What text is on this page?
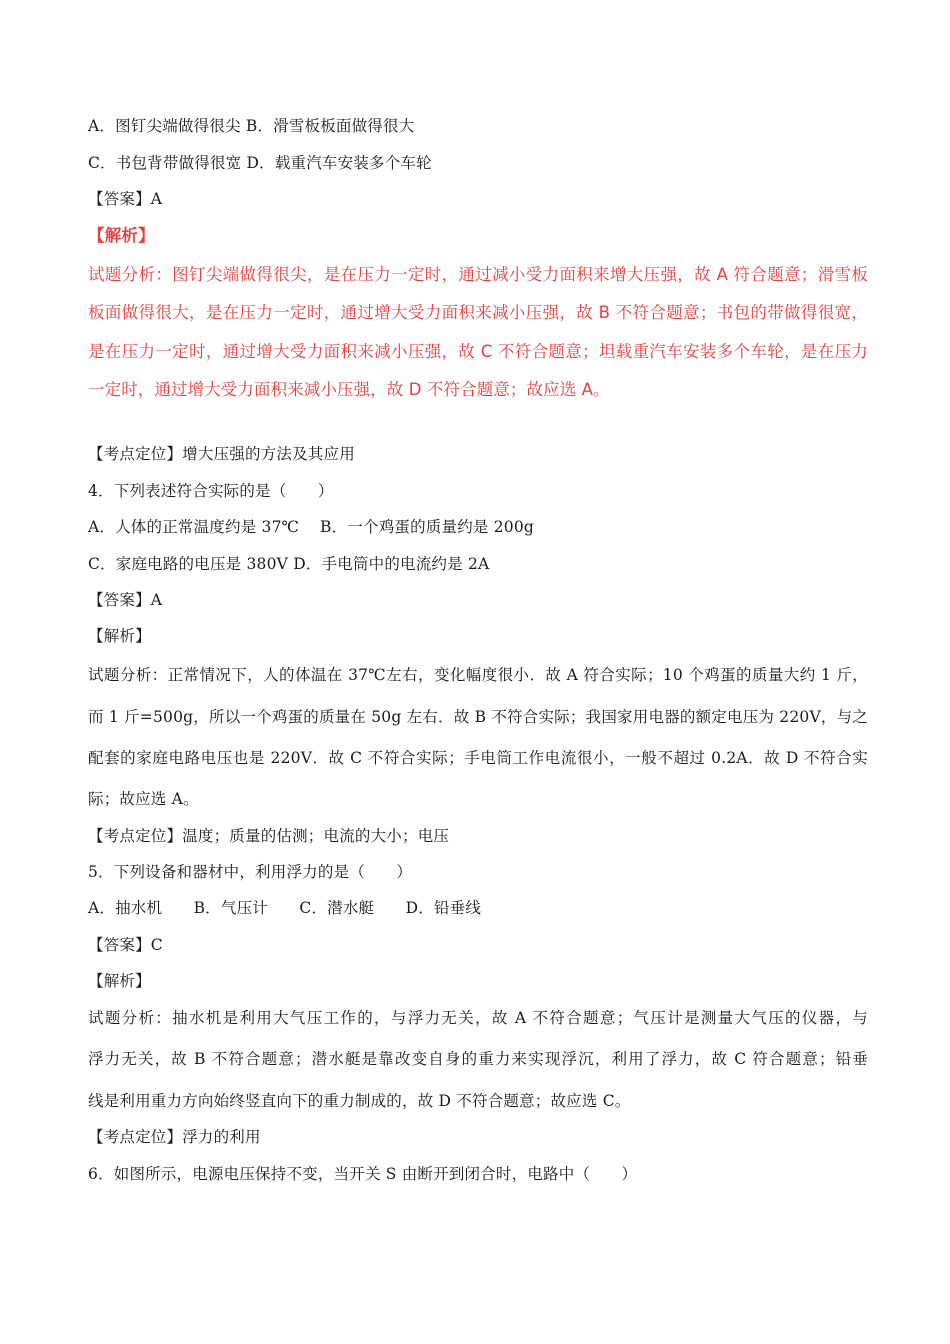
A．图钉尖端做得很尖 B．滑雪板板面做得很大
C．书包背带做得很宽 D．载重汽车安装多个车轮
【答案】A
【解析】
试题分析：图钉尖端做得很尖，是在压力一定时，通过减小受力面积来增大压强，故 A 符合题意；滑雪板
板面做得很大，是在压力一定时，通过增大受力面积来减小压强，故 B 不符合题意；书包的带做得很宽，
是在压力一定时，通过增大受力面积来减小压强，故 C 不符合题意；坦载重汽车安装多个车轮，是在压力
一定时，通过增大受力面积来减小压强，故 D 不符合题意；故应选 A。
【考点定位】增大压强的方法及其应用
4．下列表述符合实际的是（　　）
A．人体的正常温度约是 37℃　 B．一个鸡蛋的质量约是 200g
C．家庭电路的电压是 380V D．手电筒中的电流约是 2A
【答案】A
【解析】
试题分析：正常情况下，人的体温在 37℃左右，变化幅度很小．故 A 符合实际；10 个鸡蛋的质量大约 1 斤，
而 1 斤=500g，所以一个鸡蛋的质量在 50g 左右．故 B 不符合实际；我国家用电器的额定电压为 220V，与之
配套的家庭电路电压也是 220V．故 C 不符合实际；手电筒工作电流很小，一般不超过 0.2A．故 D 不符合实
际；故应选 A。
【考点定位】温度；质量的估测；电流的大小；电压
5．下列设备和器材中，利用浮力的是（　　）
A．抽水机　　B．气压计　　C．潜水艇　　D．铅垂线
【答案】C
【解析】
试题分析：抽水机是利用大气压工作的，与浮力无关，故 A 不符合题意；气压计是测量大气压的仪器，与
浮力无关，故 B 不符合题意；潜水艇是靠改变自身的重力来实现浮沉，利用了浮力，故 C 符合题意；铅垂
线是利用重力方向始终竖直向下的重力制成的，故 D 不符合题意；故应选 C。
【考点定位】浮力的利用
6．如图所示，电源电压保持不变，当开关 S 由断开到闭合时，电路中（　　）
